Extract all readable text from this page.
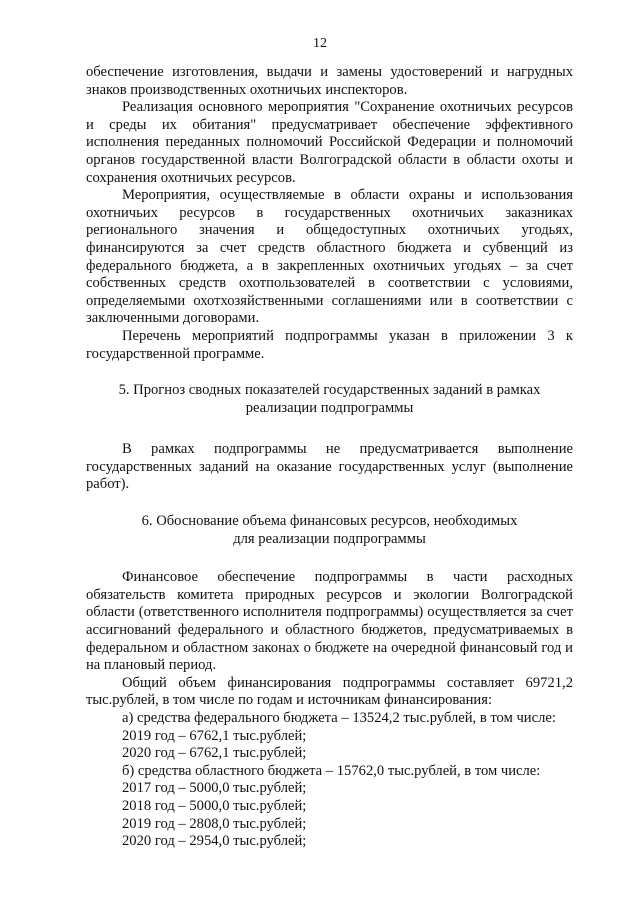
12

обеспечение изготовления, выдачи и замены удостоверений и нагрудных знаков производственных охотничьих инспекторов.

Реализация основного мероприятия "Сохранение охотничьих ресурсов и среды их обитания" предусматривает обеспечение эффективного исполнения переданных полномочий Российской Федерации и полномочий органов государственной власти Волгоградской области в области охоты и сохранения охотничьих ресурсов.

Мероприятия, осуществляемые в области охраны и использования охотничьих ресурсов в государственных охотничьих заказниках регионального значения и общедоступных охотничьих угодьях, финансируются за счет средств областного бюджета и субвенций из федерального бюджета, а в закрепленных охотничьих угодьях – за счет собственных средств охотпользователей в соответствии с условиями, определяемыми охотхозяйственными соглашениями или в соответствии с заключенными договорами.

Перечень мероприятий подпрограммы указан в приложении 3 к государственной программе.

5. Прогноз сводных показателей государственных заданий в рамках
реализации подпрограммы

В рамках подпрограммы не предусматривается выполнение государственных заданий на оказание государственных услуг (выполнение работ).

6. Обоснование объема финансовых ресурсов, необходимых
для реализации подпрограммы

Финансовое обеспечение подпрограммы в части расходных обязательств комитета природных ресурсов и экологии Волгоградской области (ответственного исполнителя подпрограммы) осуществляется за счет ассигнований федерального и областного бюджетов, предусматриваемых в федеральном и областном законах о бюджете на очередной финансовый год и на плановый период.

Общий объем финансирования подпрограммы составляет 69721,2 тыс.рублей, в том числе по годам и источникам финансирования:

а) средства федерального бюджета – 13524,2 тыс.рублей, в том числе:
2019 год – 6762,1 тыс.рублей;
2020 год – 6762,1 тыс.рублей;
б) средства областного бюджета – 15762,0 тыс.рублей, в том числе:
2017 год – 5000,0 тыс.рублей;
2018 год – 5000,0 тыс.рублей;
2019 год – 2808,0 тыс.рублей;
2020 год – 2954,0 тыс.рублей;
